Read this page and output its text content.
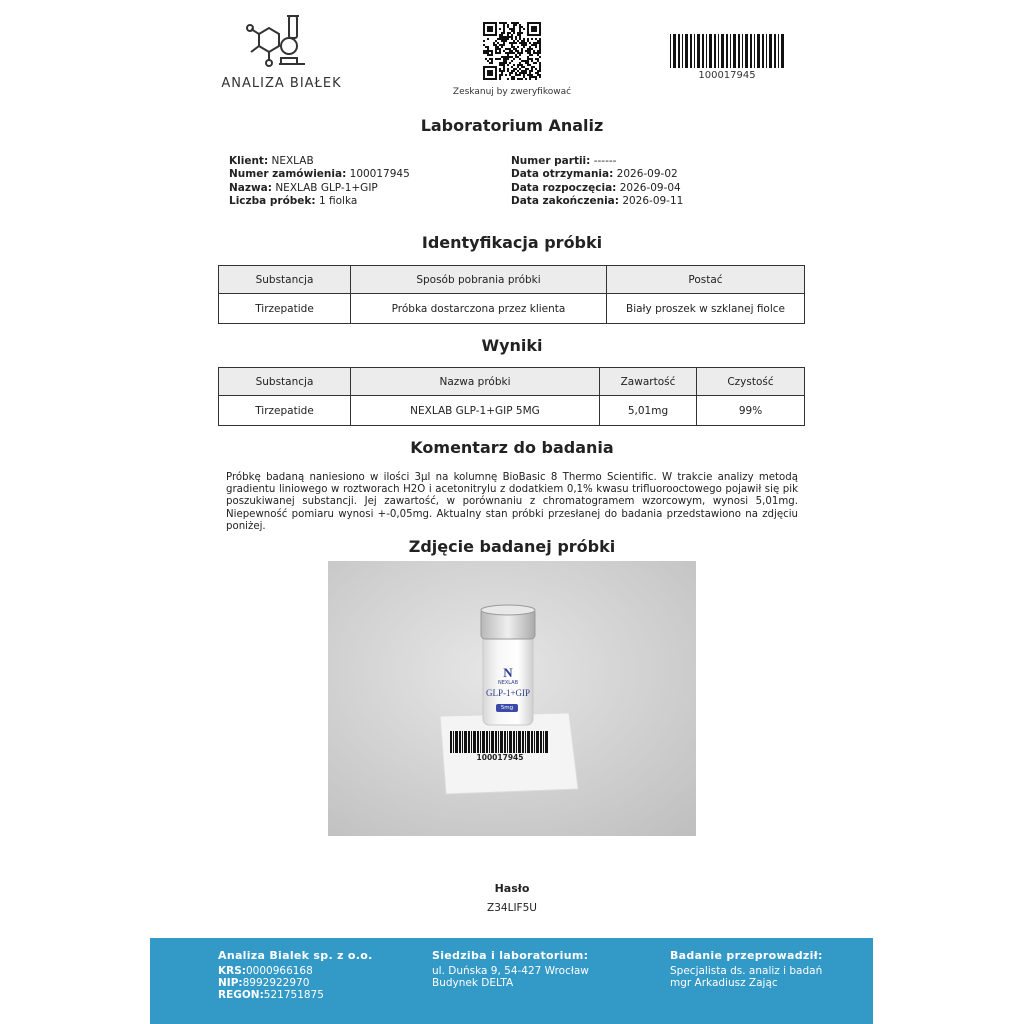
ANALIZA BIAŁEK
Zeskanuj by zweryfikować
100017945
Laboratorium Analiz
Klient: NEXLAB
Numer zamówienia: 100017945
Nazwa: NEXLAB GLP-1+GIP
Liczba próbek: 1 fiolka
Numer partii: ------
Data otrzymania: 2026-09-02
Data rozpoczęcia: 2026-09-04
Data zakończenia: 2026-09-11
Identyfikacja próbki
Substancja	Sposób pobrania próbki	Postać
Tirzepatide	Próbka dostarczona przez klienta	Biały proszek w szklanej fiolce
Wyniki
Substancja	Nazwa próbki	Zawartość	Czystość
Tirzepatide	NEXLAB GLP-1+GIP 5MG	5,01mg	99%
Komentarz do badania
Próbkę badaną naniesiono w ilości 3µl na kolumnę BioBasic 8 Thermo Scientific. W trakcie analizy metodą gradientu liniowego w roztworach H2O i acetonitrylu z dodatkiem 0,1% kwasu trifluorooctowego pojawił się pik poszukiwanej substancji. Jej zawartość, w porównaniu z chromatogramem wzorcowym, wynosi 5,01mg. Niepewność pomiaru wynosi +-0,05mg. Aktualny stan próbki przesłanej do badania przedstawiono na zdjęciu poniżej.
Zdjęcie badanej próbki
N
NEXLAB
GLP-1+GIP
5mg
100017945
Hasło
Z34LIF5U
Analiza Bialek sp. z o.o.
KRS:0000966168
NIP:8992922970
REGON:521751875
Siedziba i laboratorium:
ul. Duńska 9, 54-427 Wrocław
Budynek DELTA
Badanie przeprowadził:
Specjalista ds. analiz i badań
mgr Arkadiusz Zając
